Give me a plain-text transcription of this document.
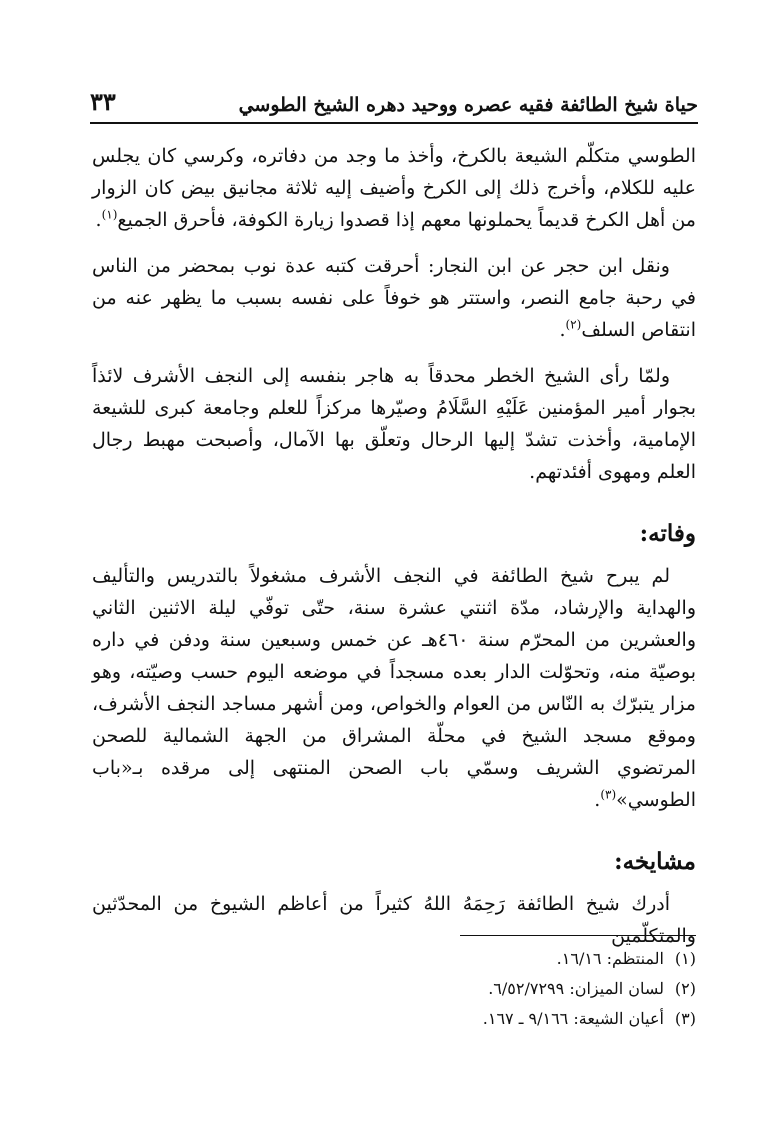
حياة شيخ الطائفة فقيه عصره ووحيد دهره الشيخ الطوسي
٣٣

الطوسي متكلّم الشيعة بالكرخ، وأخذ ما وجد من دفاتره، وكرسي كان يجلس عليه للكلام، وأخرج ذلك إلى الكرخ وأضيف إليه ثلاثة مجانيق بيض كان الزوار من أهل الكرخ قديماً يحملونها معهم إذا قصدوا زيارة الكوفة، فأحرق الجميع$^{(١)}$.

ونقل ابن حجر عن ابن النجار: أحرقت كتبه عدة نوب بمحضر من الناس في رحبة جامع النصر، واستتر هو خوفاً على نفسه بسبب ما يظهر عنه من انتقاص السلف$^{(٢)}$.

ولمّا رأى الشيخ الخطر محدقاً به هاجر بنفسه إلى النجف الأشرف لائذاً بجوار أمير المؤمنين عَلَيْهِ السَّلَامُ وصيّرها مركزاً للعلم وجامعة كبرى للشيعة الإمامية، وأخذت تشدّ إليها الرحال وتعلّق بها الآمال، وأصبحت مهبط رجال العلم ومهوى أفئدتهم.

وفاته:

لم يبرح شيخ الطائفة في النجف الأشرف مشغولاً بالتدريس والتأليف والهداية والإرشاد، مدّة اثنتي عشرة سنة، حتّى توفّي ليلة الاثنين الثاني والعشرين من المحرّم سنة ٤٦٠هـ عن خمس وسبعين سنة ودفن في داره بوصيّة منه، وتحوّلت الدار بعده مسجداً في موضعه اليوم حسب وصيّته، وهو مزار يتبرّك به النّاس من العوام والخواص، ومن أشهر مساجد النجف الأشرف، وموقع مسجد الشيخ في محلّة المشراق من الجهة الشمالية للصحن المرتضوي الشريف وسمّي باب الصحن المنتهى إلى مرقده بـ«باب الطوسي»$^{(٣)}$.

مشايخه:

أدرك شيخ الطائفة رَحِمَهُ اللهُ كثيراً من أعاظم الشيوخ من المحدّثين والمتكلّمين

(١)المنتظم: ١٦/١٦.
(٢)لسان الميزان: ٦/٥٢/٧٢٩٩.
(٣)أعيان الشيعة: ٩/١٦٦ ـ ١٦٧.
